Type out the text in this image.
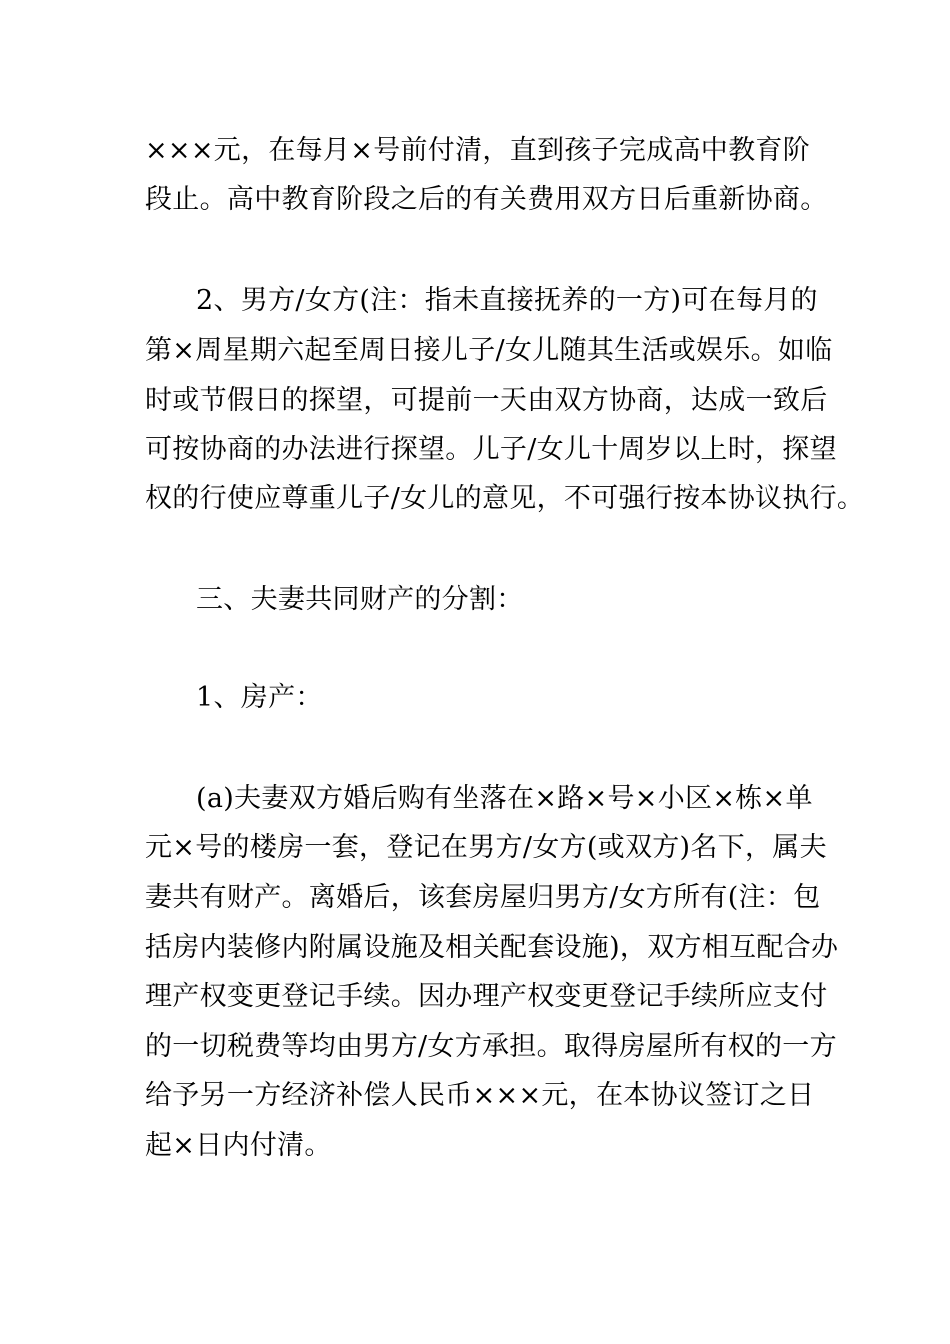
×××元，在每月×号前付清，直到孩子完成高中教育阶
段止。高中教育阶段之后的有关费用双方日后重新协商。
2、男方/女方(注：指未直接抚养的一方)可在每月的
第×周星期六起至周日接儿子/女儿随其生活或娱乐。如临
时或节假日的探望，可提前一天由双方协商，达成一致后
可按协商的办法进行探望。儿子/女儿十周岁以上时，探望
权的行使应尊重儿子/女儿的意见，不可强行按本协议执行。
三、夫妻共同财产的分割：
1、房产：
(a)夫妻双方婚后购有坐落在×路×号×小区×栋×单
元×号的楼房一套，登记在男方/女方(或双方)名下，属夫
妻共有财产。离婚后，该套房屋归男方/女方所有(注：包
括房内装修内附属设施及相关配套设施)，双方相互配合办
理产权变更登记手续。因办理产权变更登记手续所应支付
的一切税费等均由男方/女方承担。取得房屋所有权的一方
给予另一方经济补偿人民币×××元，在本协议签订之日
起×日内付清。
